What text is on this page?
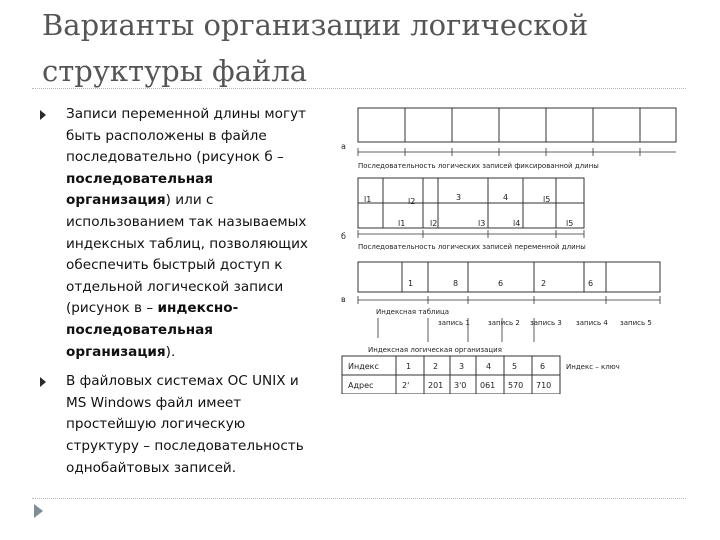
Варианты организации логической структуры файла
Записи переменной длины могут быть расположены в файле последовательно (рисунок б – последовательная организация) или с использованием так называемых индексных таблиц, позволяющих обеспечить быстрый доступ к отдельной логической записи (рисунок в – индексно-последовательная организация).
В файловых системах ОС UNIX и MS Windows файл имеет простейшую логическую структуру – последовательность однобайтовых записей.
а
Последовательность логических записей фиксированной длины
l1	l2	3	4	l5
l1	l2	l3	l4	l5
б
Последовательность логических записей переменной длины
в
1	8	6	2	6
Индексная таблица
запись 1	запись 2 запись 3 запись 4 запись 5
Индексная логическая организация
Индекс	1	2	3	4	5	6
Адрес	2' 201 3'0 061 570 710
Индекс – ключ
